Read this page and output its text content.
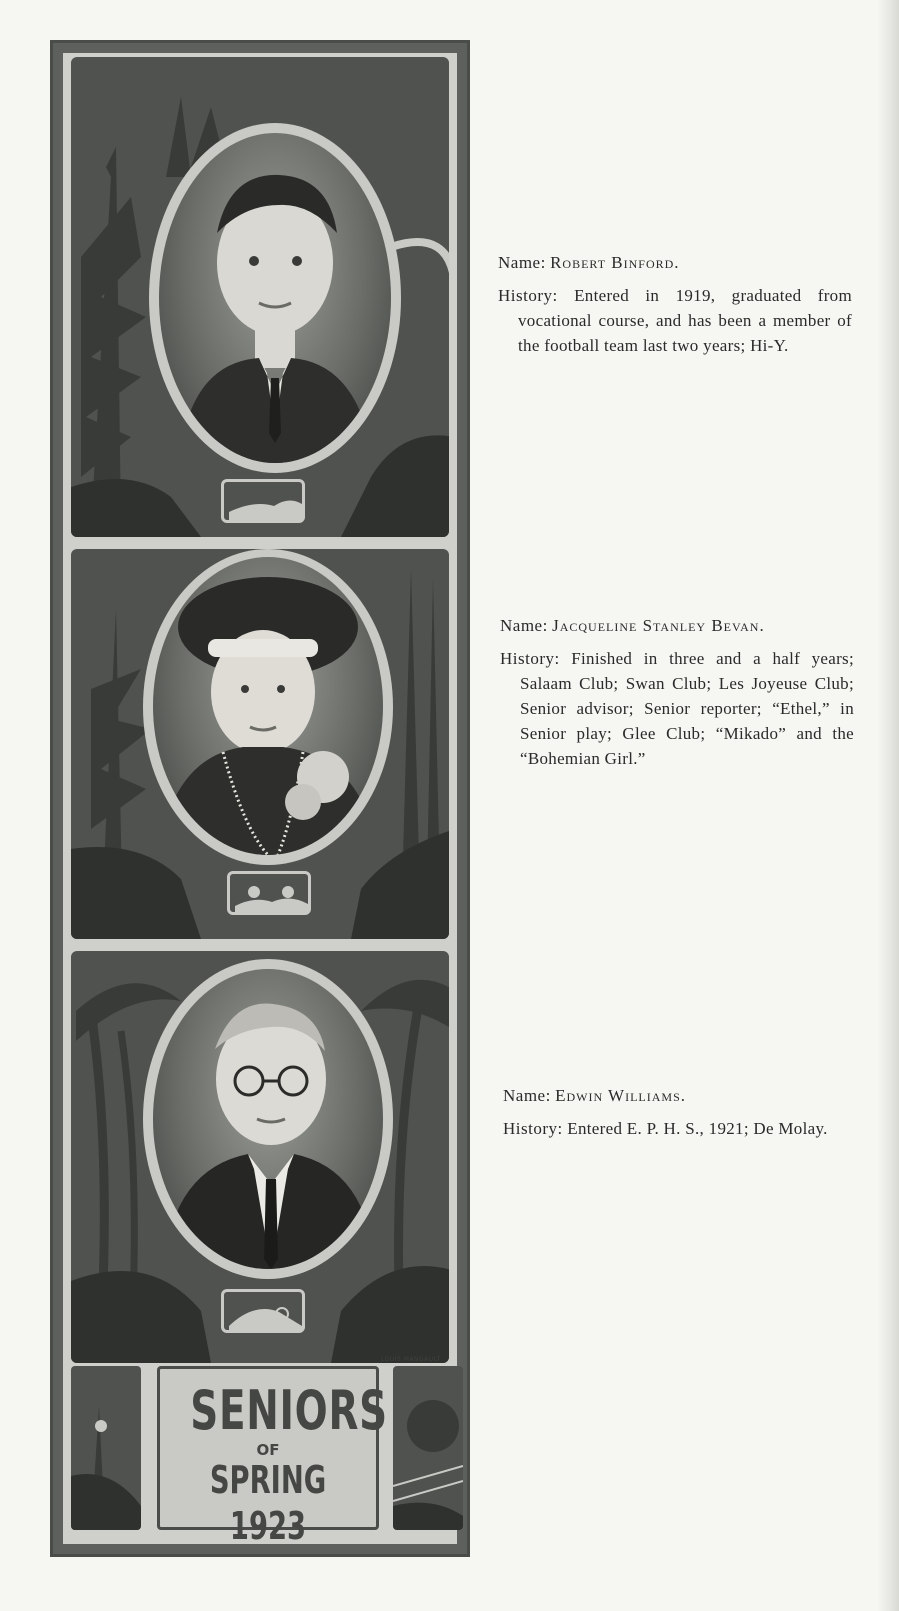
LOUIS MANGAULT
SENIORS
OF
SPRING 1923
Name: Robert Binford.
History: Entered in 1919, graduated from vocational course, and has been a member of the football team last two years; Hi-Y.
Name: Jacqueline Stanley Bevan.
History: Finished in three and a half years; Salaam Club; Swan Club; Les Joyeuse Club; Senior advisor; Senior reporter; “Ethel,” in Senior play; Glee Club; “Mikado” and the “Bohemian Girl.”
Name: Edwin Williams.
History: Entered E. P. H. S., 1921; De Molay.
